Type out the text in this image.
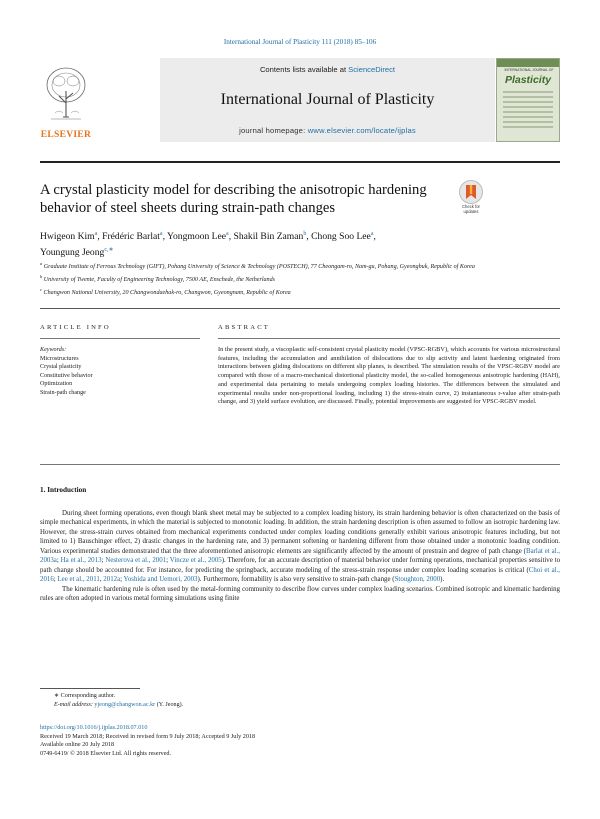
International Journal of Plasticity 111 (2018) 85–106
ELSEVIER
Contents lists available at ScienceDirect
International Journal of Plasticity
journal homepage: www.elsevier.com/locate/ijplas
INTERNATIONAL JOURNAL OF
Plasticity
A crystal plasticity model for describing the anisotropic hardening behavior of steel sheets during strain-path changes	Check for updates
Hwigeon Kim$^a$, Frédéric Barlat$^a$, Yongmoon Lee$^a$, Shakil Bin Zaman$^b$, Chong Soo Lee$^a$,
Youngung Jeong$^{c,∗}$

$^a$ Graduate Institute of Ferrous Technology (GIFT), Pohang University of Science & Technology (POSTECH), 77 Cheongam-ro, Nam-gu, Pohang, Gyeongbuk, Republic of Korea

$^b$ University of Twente, Faculty of Engineering Technology, 7500 AE, Enschede, the Netherlands

$^c$ Changwon National University, 20 Changwondaehak-ro, Changwon, Gyeongnam, Republic of Korea

ARTICLE INFO	ABSTRACT
Keywords:
Microstructures
Crystal plasticity
Constitutive behavior
Optimization
Strain-path change
In the present study, a viscoplastic self-consistent crystal plasticity model (VPSC-RGBV), which accounts for various microstructural features, including the accumulation and annihilation of dislocations due to slip activity and latent hardening originated from interactions between gliding dislocations on different slip planes, is described. The simulation results of the VPSC-RGBV model are compared with those of a macro-mechanical distortional plasticity model, the so-called homogeneous anisotropic hardening (HAH), and experimental data pertaining to metals undergoing complex loading histories. The differences between the simulated and experimental results under non-proportional loading, including 1) the stress-strain curve, 2) instantaneous r-value after strain-path change, and 3) yield surface evolution, are discussed. Finally, potential improvements are suggested for VPSC-RGBV model.
1. Introduction

During sheet forming operations, even though blank sheet metal may be subjected to a complex loading history, its strain hardening behavior is often characterized on the basis of simple mechanical experiments, in which the material is subjected to monotonic loading. In addition, the strain hardening description is often assumed to follow an isotropic hardening law. However, the stress-strain curves obtained from mechanical experiments conducted under complex loading conditions generally exhibit various anisotropic features including, but not limited to 1) Bauschinger effect, 2) drastic changes in the hardening rate, and 3) permanent softening or hardening different from those obtained under a monotonic loading condition. Various experimental studies demonstrated that the three aforementioned anisotropic elements are significantly affected by the amount of prestrain and degree of path change (Barlat et al., 2003a; Ha et al., 2013; Nesterova et al., 2001; Vincze et al., 2005). Therefore, for an accurate description of material behavior under forming operations, mechanical properties sensitive to path change should be accounted for. For instance, for predicting the springback, accurate modeling of the stress-strain response under complex loading scenarios is critical (Choi et al., 2016; Lee et al., 2011, 2012a; Yoshida and Uemori, 2003). Furthermore, formability is also very sensitive to strain-path change (Stoughton, 2000).

The kinematic hardening rule is often used by the metal-forming community to describe flow curves under complex loading scenarios. Combined isotropic and kinematic hardening rules are often adopted in various metal forming simulations using finite

∗ Corresponding author.
E-mail address: yjeong@changwon.ac.kr (Y. Jeong).
https://doi.org/10.1016/j.ijplas.2018.07.010
Received 19 March 2018; Received in revised form 9 July 2018; Accepted 9 July 2018
Available online 20 July 2018
0749-6419/ © 2018 Elsevier Ltd. All rights reserved.
